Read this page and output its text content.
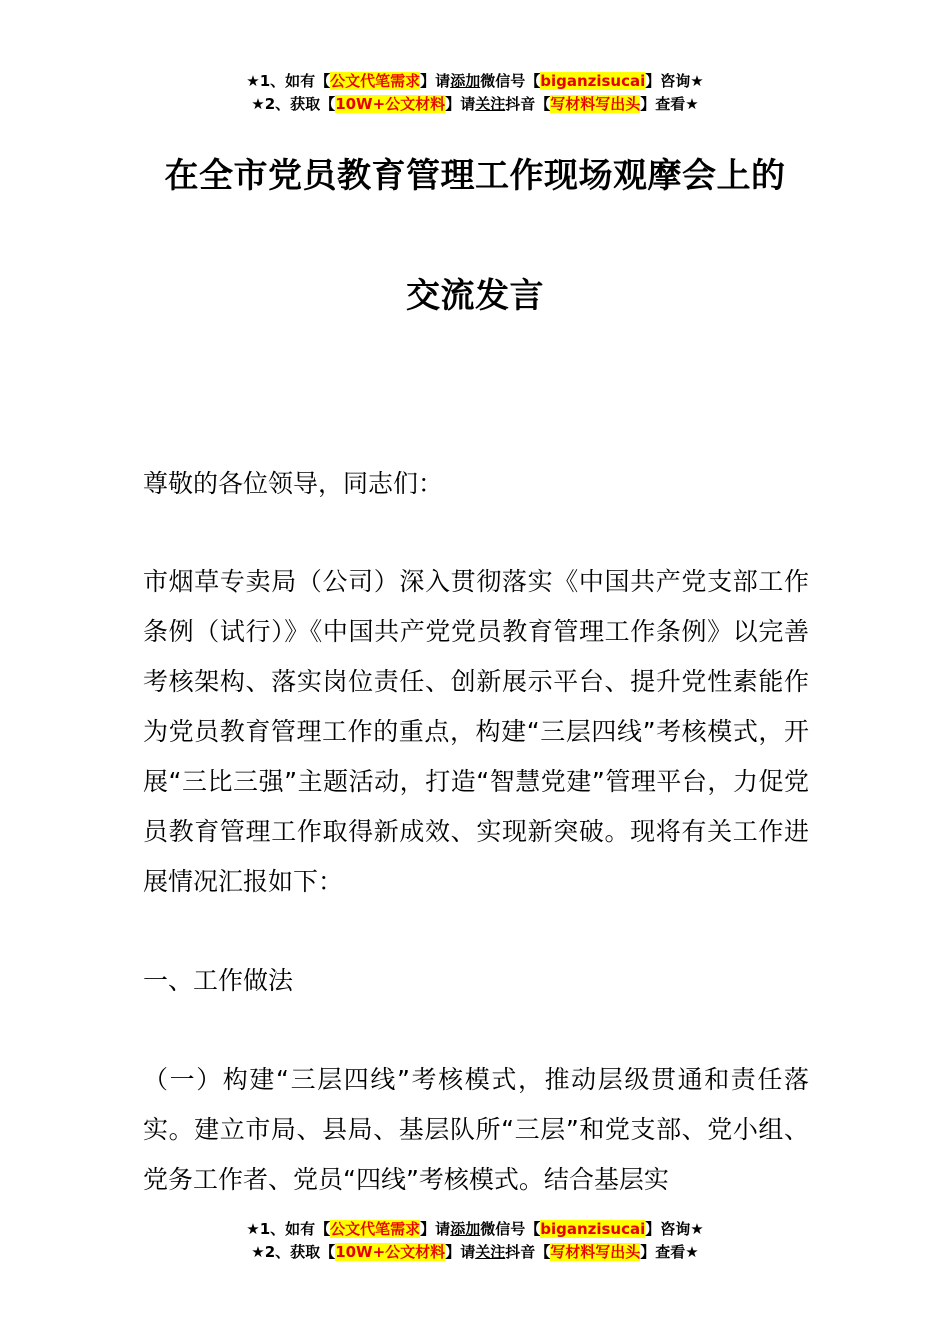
★1、如有【公文代笔需求】请添加微信号【biganzisucai】咨询★
★2、获取【10W+公文材料】请关注抖音【写材料写出头】查看★
在全市党员教育管理工作现场观摩会上的
交流发言
尊敬的各位领导，同志们：
市烟草专卖局（公司）深入贯彻落实《中国共产党支部工作条例（试行）》《中国共产党党员教育管理工作条例》以完善考核架构、落实岗位责任、创新展示平台、提升党性素能作为党员教育管理工作的重点，构建“三层四线”考核模式，开展“三比三强”主题活动，打造“智慧党建”管理平台，力促党员教育管理工作取得新成效、实现新突破。现将有关工作进展情况汇报如下：
一、工作做法
（一）构建“三层四线”考核模式，推动层级贯通和责任落实。建立市局、县局、基层队所“三层”和党支部、党小组、党务工作者、党员“四线”考核模式。结合基层实
★1、如有【公文代笔需求】请添加微信号【biganzisucai】咨询★
★2、获取【10W+公文材料】请关注抖音【写材料写出头】查看★
